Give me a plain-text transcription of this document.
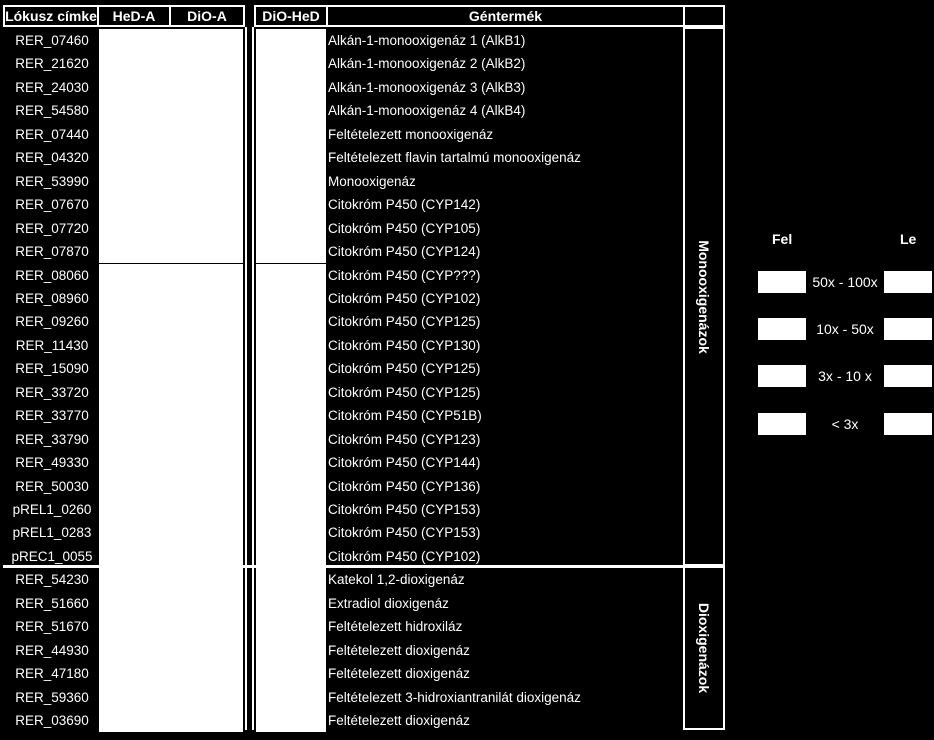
Lókusz címke	HeD-A	DiO-A	DiO-HeD	Géntermék
RER_07460	Alkán-1-monooxigenáz 1 (AlkB1)
RER_21620	Alkán-1-monooxigenáz 2 (AlkB2)
RER_24030	Alkán-1-monooxigenáz 3 (AlkB3)
RER_54580	Alkán-1-monooxigenáz 4 (AlkB4)
RER_07440	Feltételezett monooxigenáz
RER_04320	Feltételezett flavin tartalmú monooxigenáz
RER_53990	Monooxigenáz
RER_07670	Citokróm P450 (CYP142)
RER_07720	Citokróm P450 (CYP105)
RER_07870	Citokróm P450 (CYP124)
RER_08060	Citokróm P450 (CYP???)
RER_08960	Citokróm P450 (CYP102)
RER_09260	Citokróm P450 (CYP125)
RER_11430	Citokróm P450 (CYP130)
RER_15090	Citokróm P450 (CYP125)
RER_33720	Citokróm P450 (CYP125)
RER_33770	Citokróm P450 (CYP51B)
RER_33790	Citokróm P450 (CYP123)
RER_49330	Citokróm P450 (CYP144)
RER_50030	Citokróm P450 (CYP136)
pREL1_0260	Citokróm P450 (CYP153)
pREL1_0283	Citokróm P450 (CYP153)
pREC1_0055	Citokróm P450 (CYP102)
RER_54230	Katekol 1,2-dioxigenáz
RER_51660	Extradiol dioxigenáz
RER_51670	Feltételezett hidroxiláz
RER_44930	Feltételezett dioxigenáz
RER_47180	Feltételezett dioxigenáz
RER_59360	Feltételezett 3-hidroxiantranilát dioxigenáz
RER_03690	Feltételezett dioxigenáz
Monooxigenázok
Dioxigenázok
Fel	Le
50x - 100x
10x - 50x
3x - 10 x
< 3x
